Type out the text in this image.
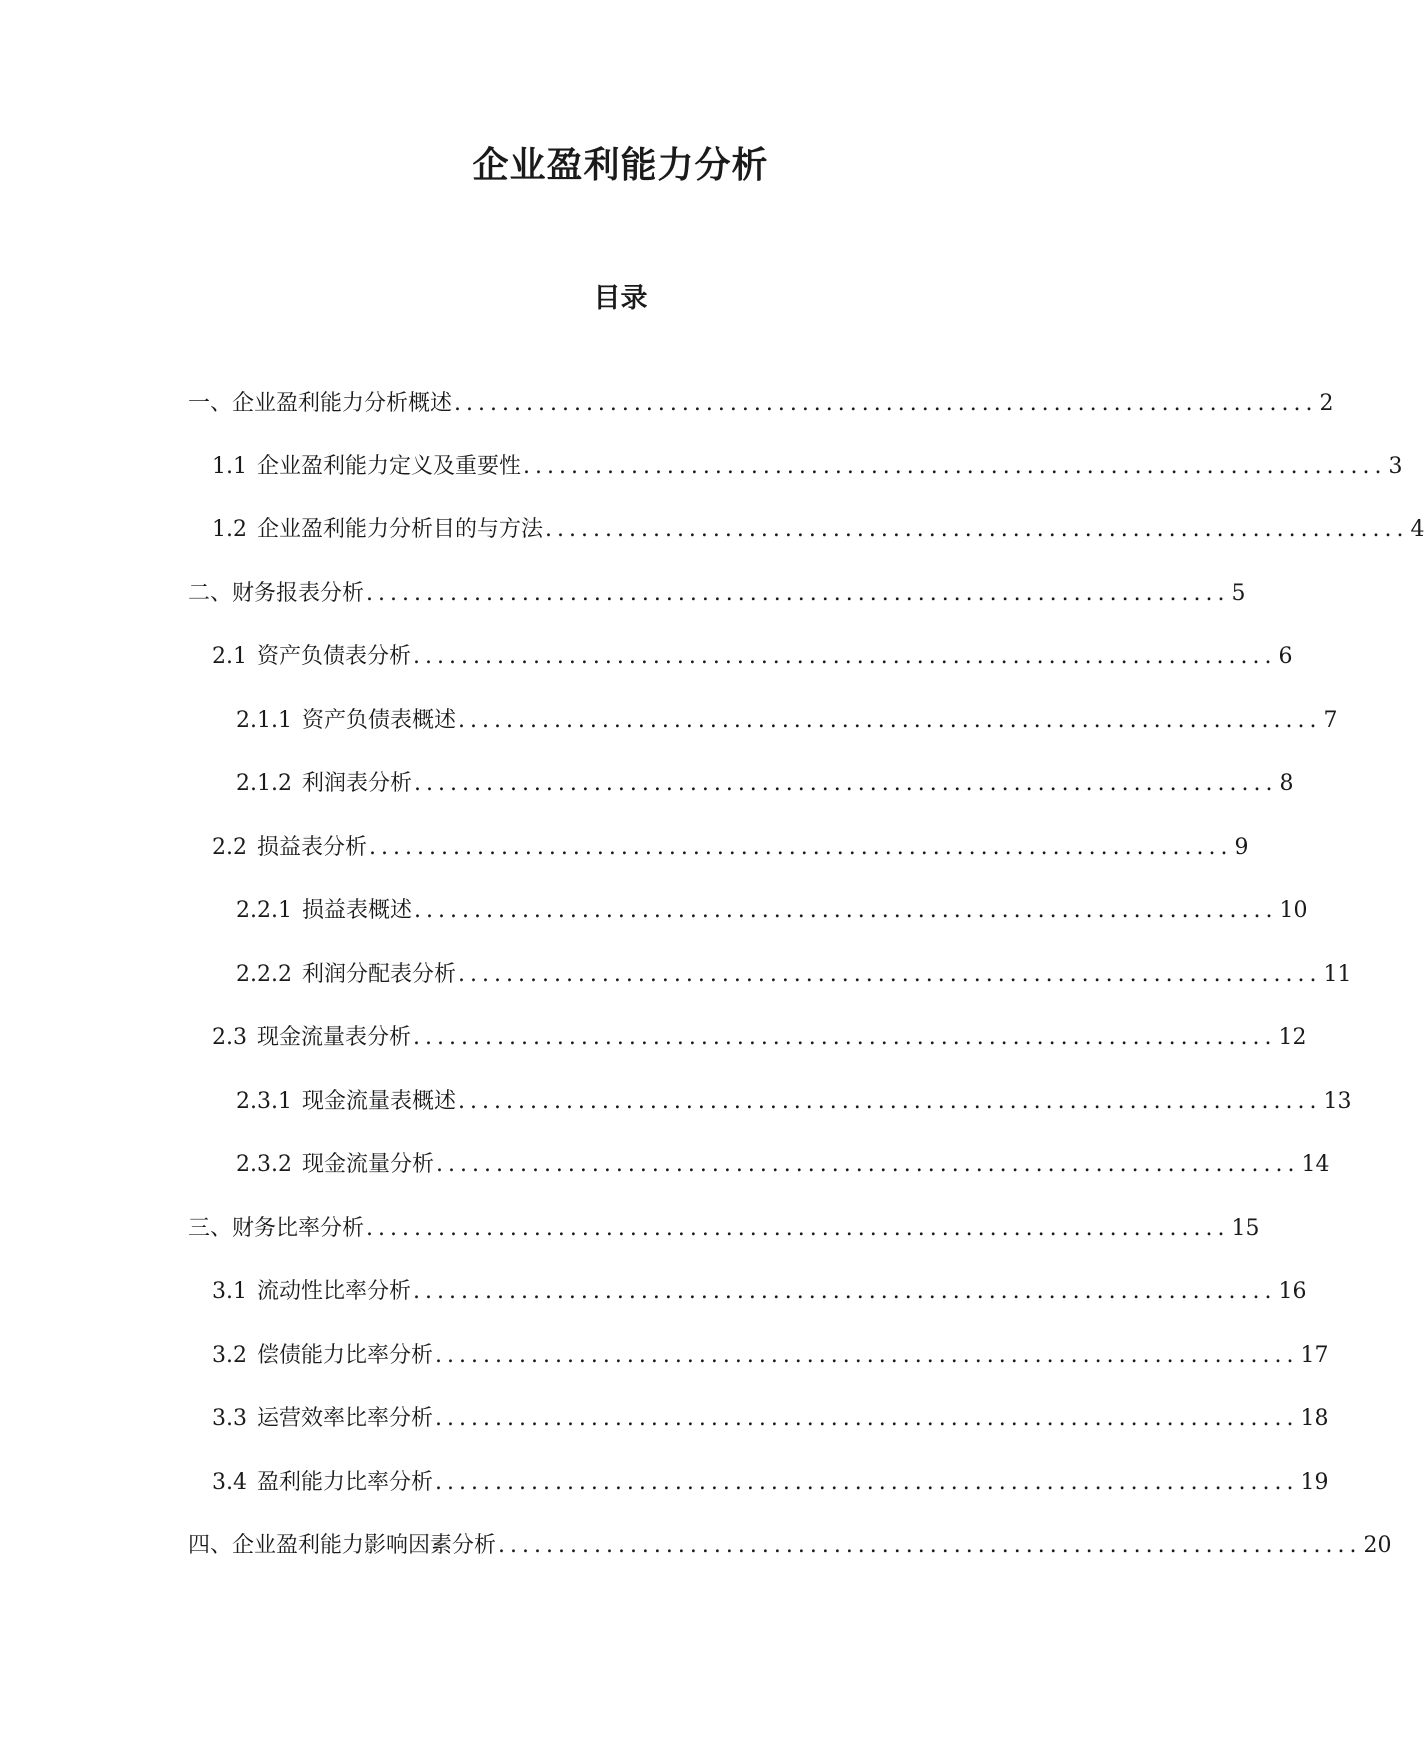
企业盈利能力分析
目录
一、企业盈利能力分析概述 ........................................................................ 2
1.1 企业盈利能力定义及重要性 ........................................................................ 3
1.2 企业盈利能力分析目的与方法 ........................................................................ 4
二、财务报表分析 ........................................................................ 5
2.1 资产负债表分析 ........................................................................ 6
2.1.1 资产负债表概述 ........................................................................ 7
2.1.2 利润表分析 ........................................................................ 8
2.2 损益表分析 ........................................................................ 9
2.2.1 损益表概述 ........................................................................ 10
2.2.2 利润分配表分析 ........................................................................ 11
2.3 现金流量表分析 ........................................................................ 12
2.3.1 现金流量表概述 ........................................................................ 13
2.3.2 现金流量分析 ........................................................................ 14
三、财务比率分析 ........................................................................ 15
3.1 流动性比率分析 ........................................................................ 16
3.2 偿债能力比率分析 ........................................................................ 17
3.3 运营效率比率分析 ........................................................................ 18
3.4 盈利能力比率分析 ........................................................................ 19
四、企业盈利能力影响因素分析 ........................................................................ 20
